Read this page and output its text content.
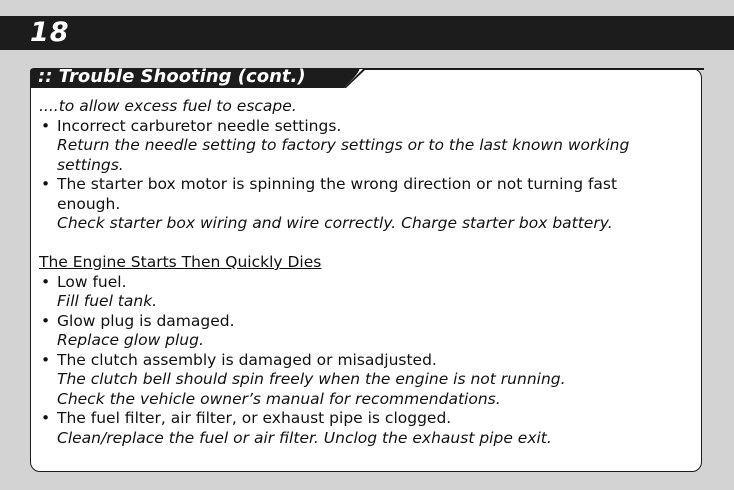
18
:: Trouble Shooting (cont.)
....to allow excess fuel to escape.
• Incorrect carburetor needle settings.
Return the needle setting to factory settings or to the last known working
settings.
• The starter box motor is spinning the wrong direction or not turning fast
enough.
Check starter box wiring and wire correctly. Charge starter box battery.
The Engine Starts Then Quickly Dies
• Low fuel.
Fill fuel tank.
• Glow plug is damaged.
Replace glow plug.
• The clutch assembly is damaged or misadjusted.
The clutch bell should spin freely when the engine is not running.
Check the vehicle owner’s manual for recommendations.
• The fuel filter, air filter, or exhaust pipe is clogged.
Clean/replace the fuel or air filter. Unclog the exhaust pipe exit.
